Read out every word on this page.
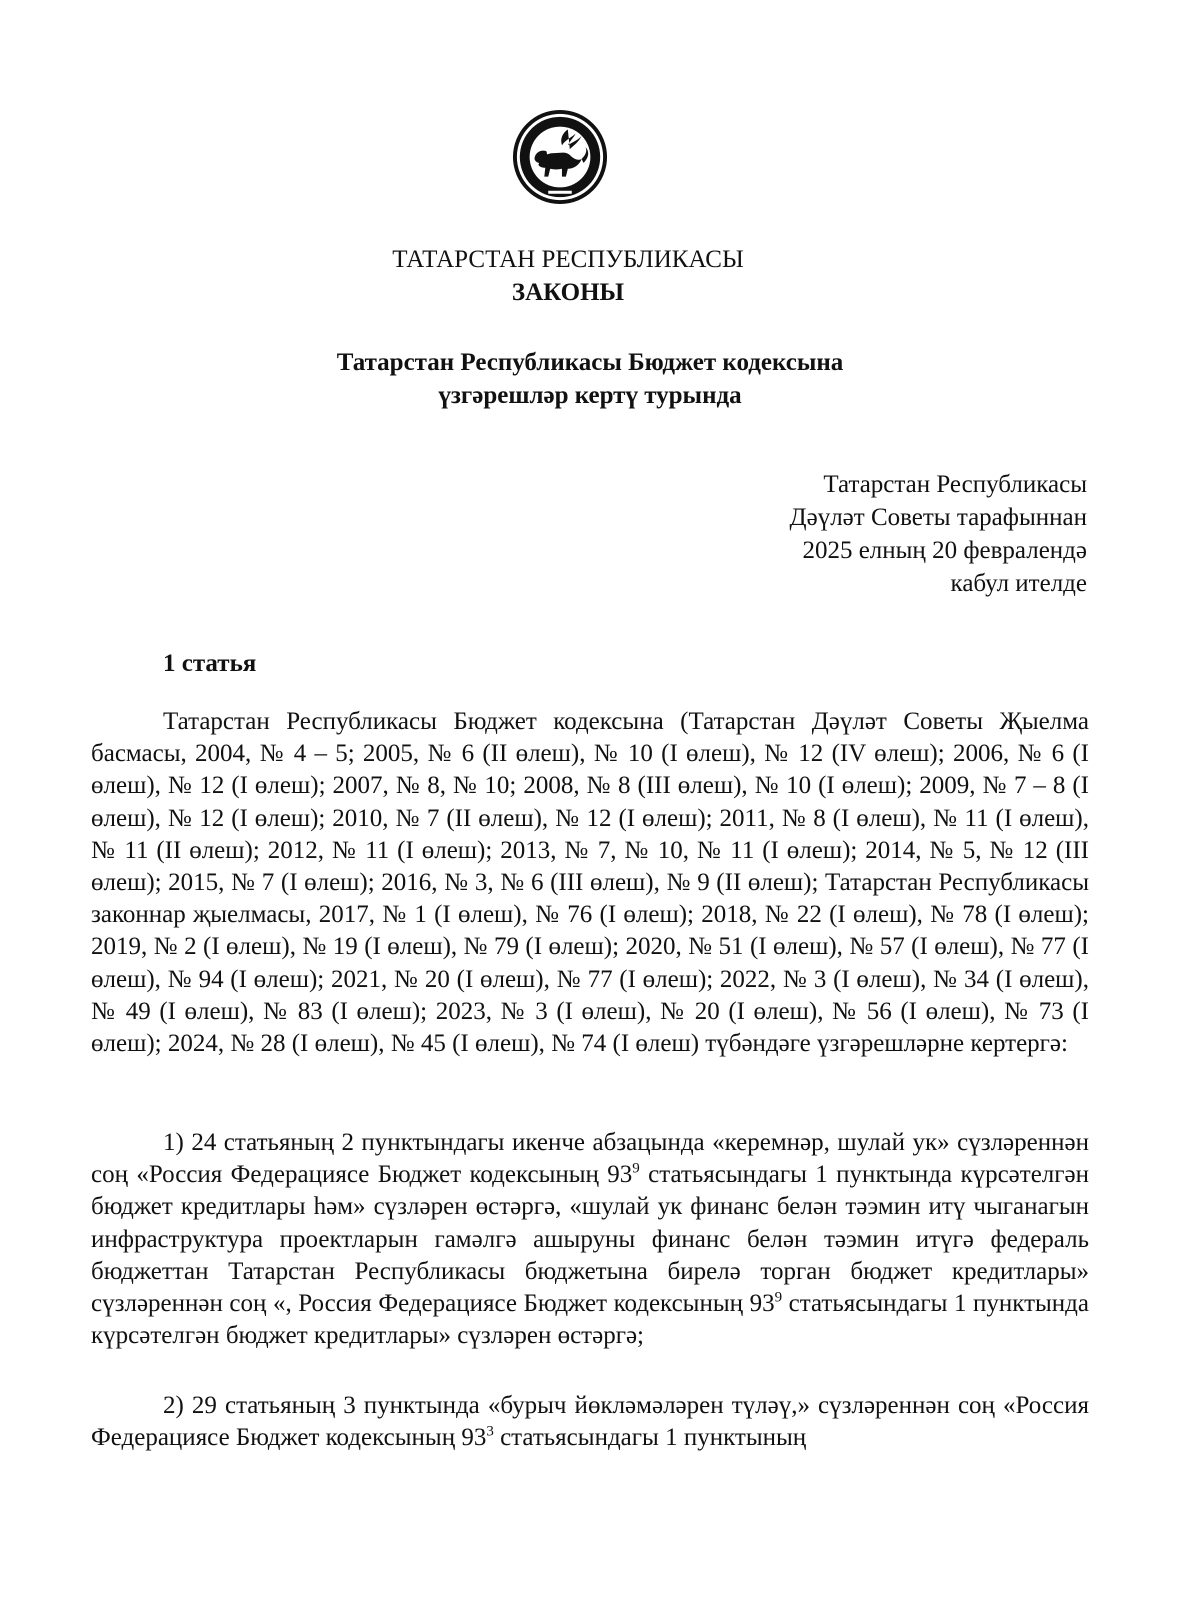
ТАТАРСТАН РЕСПУБЛИКАСЫ
ЗАКОНЫ
Татарстан Республикасы Бюджет кодексына
үзгәрешләр кертү турында
Татарстан Республикасы
Дәүләт Советы тарафыннан
2025 елның 20 февралендә
кабул ителде
1 статья

Татарстан Республикасы Бюджет кодексына (Татарстан Дәүләт Советы Җыелма басмасы, 2004, № 4 – 5; 2005, № 6 (II өлеш), № 10 (I өлеш), № 12 (IV өлеш); 2006, № 6 (I өлеш), № 12 (I өлеш); 2007, № 8, № 10; 2008, № 8 (III өлеш), № 10 (I өлеш); 2009, № 7 – 8 (I өлеш), № 12 (I өлеш); 2010, № 7 (II өлеш), № 12 (I өлеш); 2011, № 8 (I өлеш), № 11 (I өлеш), № 11 (II өлеш); 2012, № 11 (I өлеш); 2013, № 7, № 10, № 11 (I өлеш); 2014, № 5, № 12 (III өлеш); 2015, № 7 (I өлеш); 2016, № 3, № 6 (III өлеш), № 9 (II өлеш); Татарстан Республикасы законнар җыелмасы, 2017, № 1 (I өлеш), № 76 (I өлеш); 2018, № 22 (I өлеш), № 78 (I өлеш); 2019, № 2 (I өлеш), № 19 (I өлеш), № 79 (I өлеш); 2020, № 51 (I өлеш), № 57 (I өлеш), № 77 (I өлеш), № 94 (I өлеш); 2021, № 20 (I өлеш), № 77 (I өлеш); 2022, № 3 (I өлеш), № 34 (I өлеш), № 49 (I өлеш), № 83 (I өлеш); 2023, № 3 (I өлеш), № 20 (I өлеш), № 56 (I өлеш), № 73 (I өлеш); 2024, № 28 (I өлеш), № 45 (I өлеш), № 74 (I өлеш) түбәндәге үзгәрешләрне кертергә:

1) 24 статьяның 2 пунктындагы икенче абзацында «керемнәр, шулай ук» сүзләреннән соң «Россия Федерациясе Бюджет кодексының $93^9$ статьясындагы 1 пунктында күрсәтелгән бюджет кредитлары һәм» сүзләрен өстәргә, «шулай ук финанс белән тәэмин итү чыганагын инфраструктура проектларын гамәлгә ашыруны финанс белән тәэмин итүгә федераль бюджеттан Татарстан Республикасы бюджетына бирелә торган бюджет кредитлары» сүзләреннән соң «, Россия Федерациясе Бюджет кодексының $93^9$ статьясындагы 1 пунктында күрсәтелгән бюджет кредитлары» сүзләрен өстәргә;

2) 29 статьяның 3 пунктында «бурыч йөкләмәләрен түләү,» сүзләреннән соң «Россия Федерациясе Бюджет кодексының $93^3$ статьясындагы 1 пунктының
